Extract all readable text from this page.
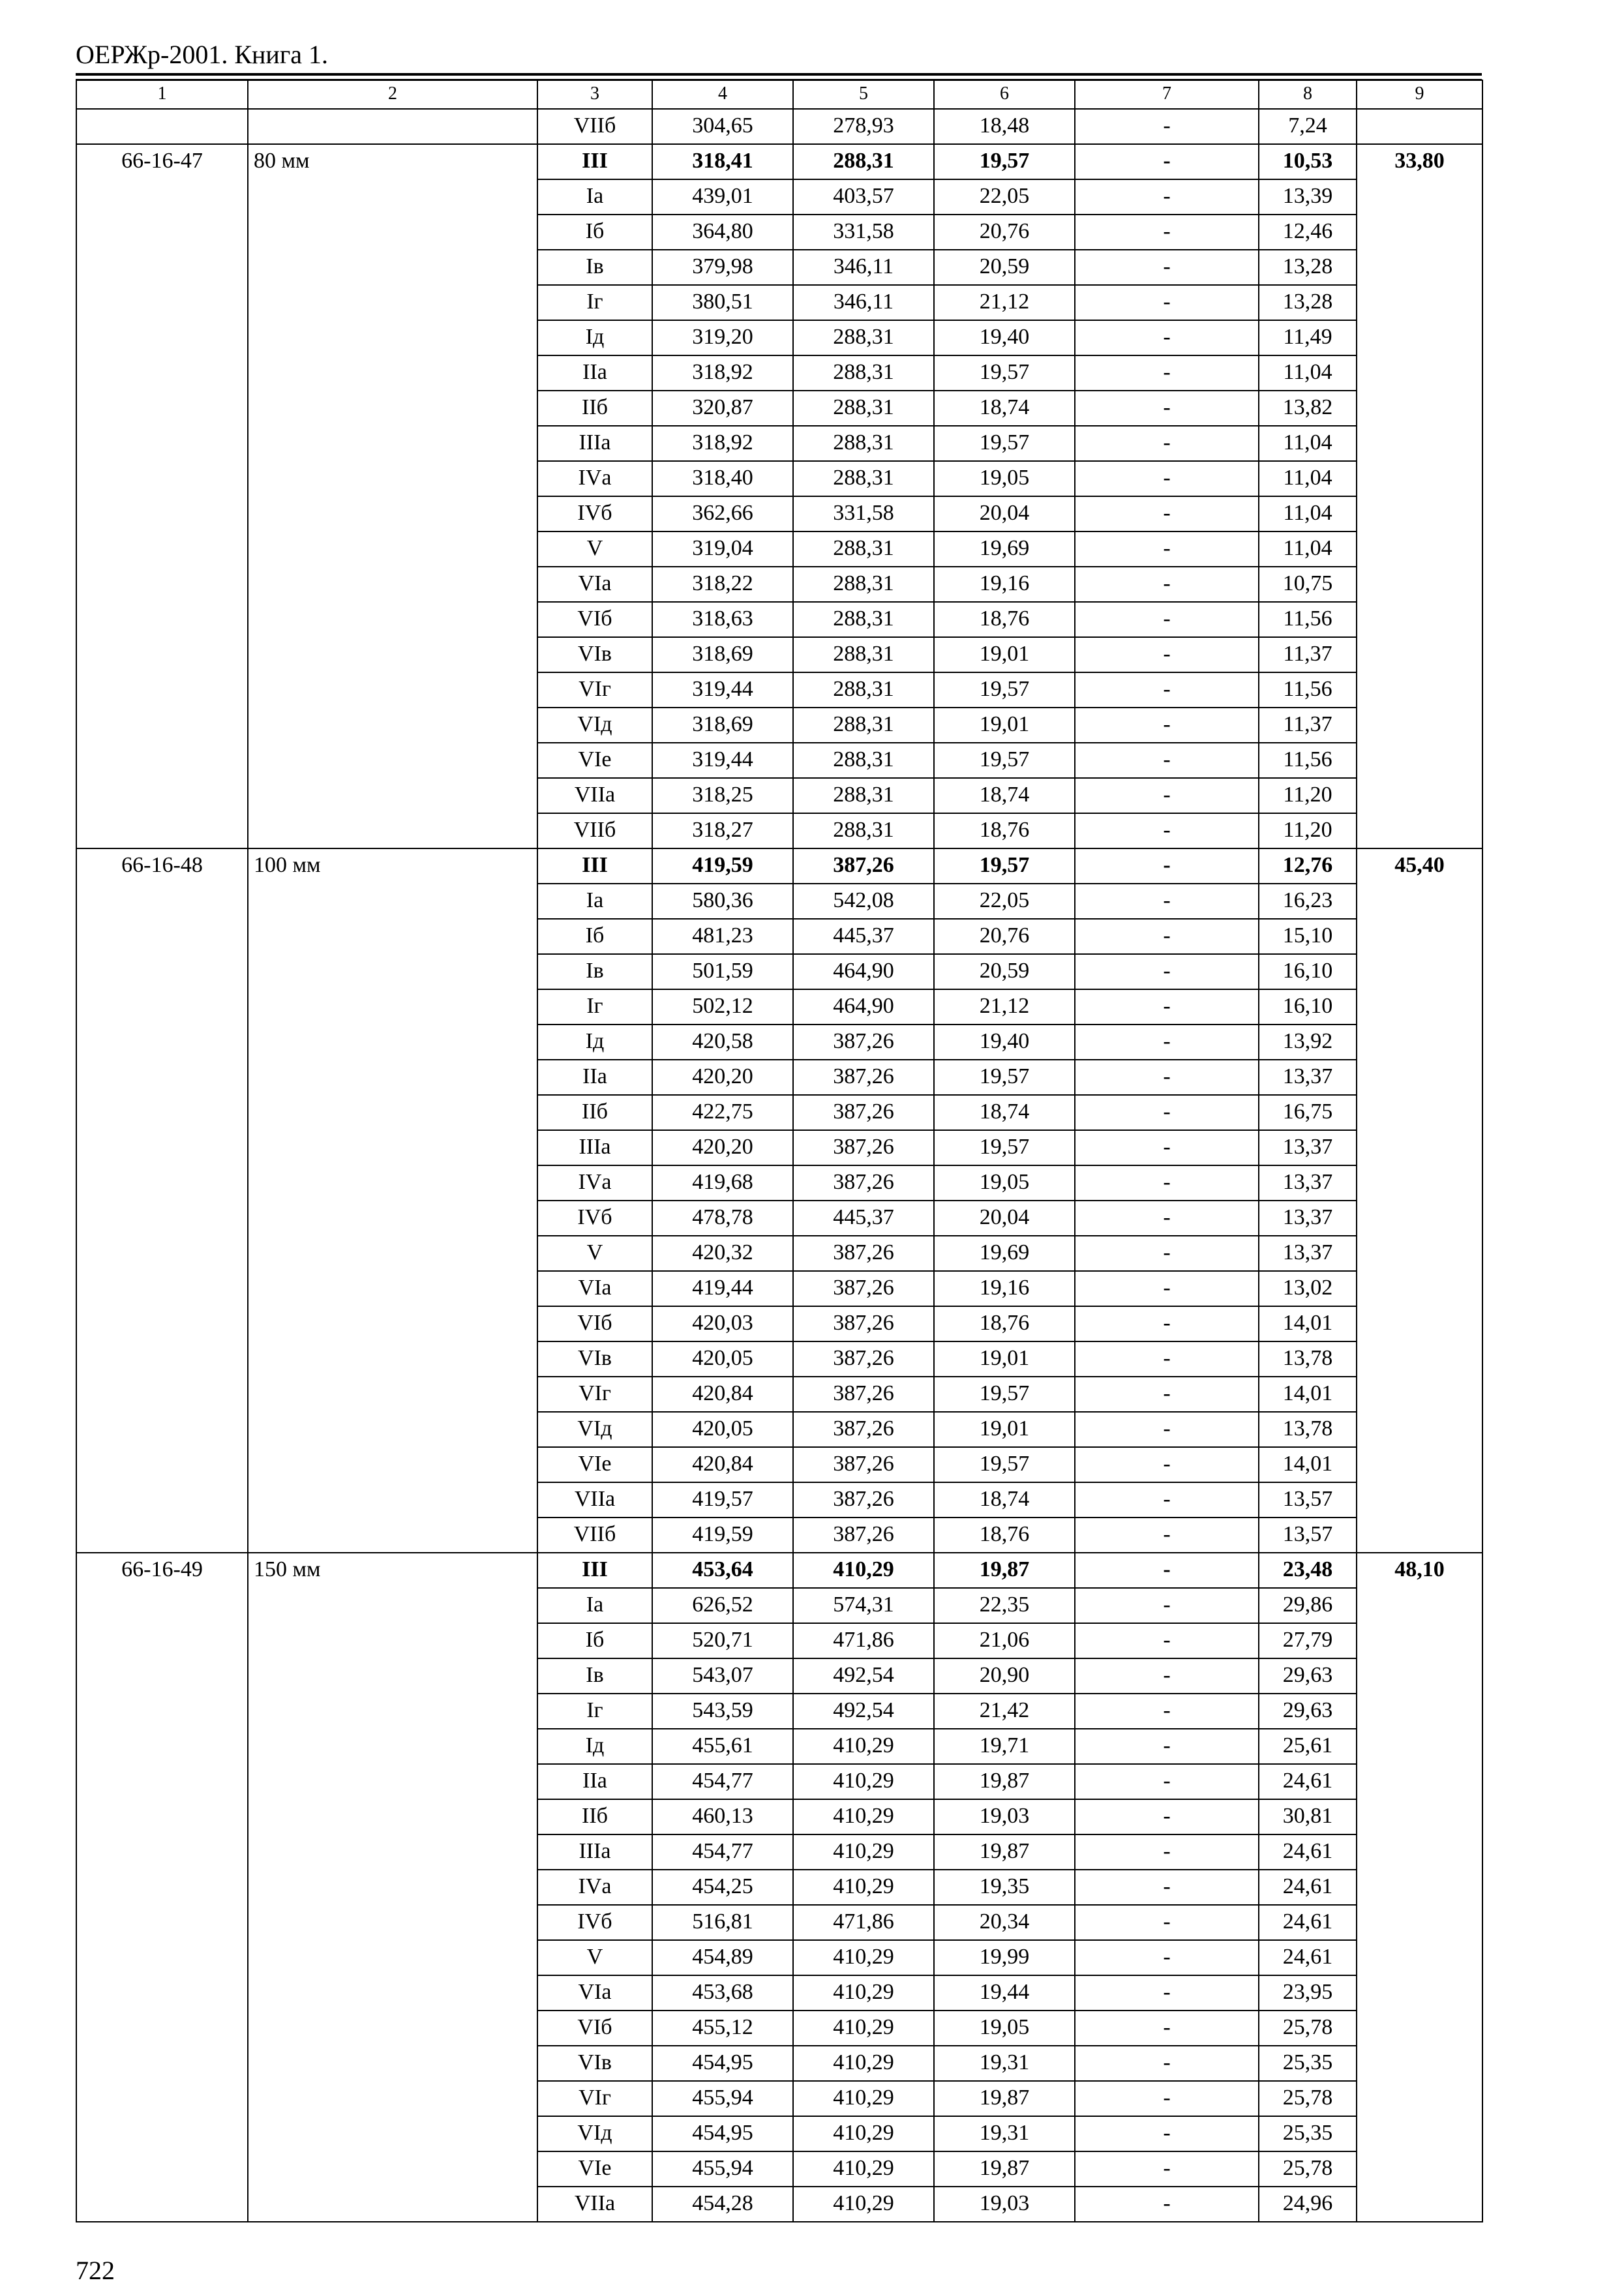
ОЕРЖр-2001. Книга 1.
1	2	3	4	5	6	7	8	9
		VIIб	304,65	278,93	18,48	-	7,24	
66-16-47	80 мм	III	318,41	288,31	19,57	-	10,53	33,80
		Iа	439,01	403,57	22,05	-	13,39	
		Iб	364,80	331,58	20,76	-	12,46	
		Iв	379,98	346,11	20,59	-	13,28	
		Iг	380,51	346,11	21,12	-	13,28	
		Iд	319,20	288,31	19,40	-	11,49	
		IIа	318,92	288,31	19,57	-	11,04	
		IIб	320,87	288,31	18,74	-	13,82	
		IIIа	318,92	288,31	19,57	-	11,04	
		IVа	318,40	288,31	19,05	-	11,04	
		IVб	362,66	331,58	20,04	-	11,04	
		V	319,04	288,31	19,69	-	11,04	
		VIа	318,22	288,31	19,16	-	10,75	
		VIб	318,63	288,31	18,76	-	11,56	
		VIв	318,69	288,31	19,01	-	11,37	
		VIг	319,44	288,31	19,57	-	11,56	
		VIд	318,69	288,31	19,01	-	11,37	
		VIе	319,44	288,31	19,57	-	11,56	
		VIIа	318,25	288,31	18,74	-	11,20	
		VIIб	318,27	288,31	18,76	-	11,20	
66-16-48	100 мм	III	419,59	387,26	19,57	-	12,76	45,40
		Iа	580,36	542,08	22,05	-	16,23	
		Iб	481,23	445,37	20,76	-	15,10	
		Iв	501,59	464,90	20,59	-	16,10	
		Iг	502,12	464,90	21,12	-	16,10	
		Iд	420,58	387,26	19,40	-	13,92	
		IIа	420,20	387,26	19,57	-	13,37	
		IIб	422,75	387,26	18,74	-	16,75	
		IIIа	420,20	387,26	19,57	-	13,37	
		IVа	419,68	387,26	19,05	-	13,37	
		IVб	478,78	445,37	20,04	-	13,37	
		V	420,32	387,26	19,69	-	13,37	
		VIа	419,44	387,26	19,16	-	13,02	
		VIб	420,03	387,26	18,76	-	14,01	
		VIв	420,05	387,26	19,01	-	13,78	
		VIг	420,84	387,26	19,57	-	14,01	
		VIд	420,05	387,26	19,01	-	13,78	
		VIе	420,84	387,26	19,57	-	14,01	
		VIIа	419,57	387,26	18,74	-	13,57	
		VIIб	419,59	387,26	18,76	-	13,57	
66-16-49	150 мм	III	453,64	410,29	19,87	-	23,48	48,10
		Iа	626,52	574,31	22,35	-	29,86	
		Iб	520,71	471,86	21,06	-	27,79	
		Iв	543,07	492,54	20,90	-	29,63	
		Iг	543,59	492,54	21,42	-	29,63	
		Iд	455,61	410,29	19,71	-	25,61	
		IIа	454,77	410,29	19,87	-	24,61	
		IIб	460,13	410,29	19,03	-	30,81	
		IIIа	454,77	410,29	19,87	-	24,61	
		IVа	454,25	410,29	19,35	-	24,61	
		IVб	516,81	471,86	20,34	-	24,61	
		V	454,89	410,29	19,99	-	24,61	
		VIа	453,68	410,29	19,44	-	23,95	
		VIб	455,12	410,29	19,05	-	25,78	
		VIв	454,95	410,29	19,31	-	25,35	
		VIг	455,94	410,29	19,87	-	25,78	
		VIд	454,95	410,29	19,31	-	25,35	
		VIе	455,94	410,29	19,87	-	25,78	
		VIIа	454,28	410,29	19,03	-	24,96	
722
